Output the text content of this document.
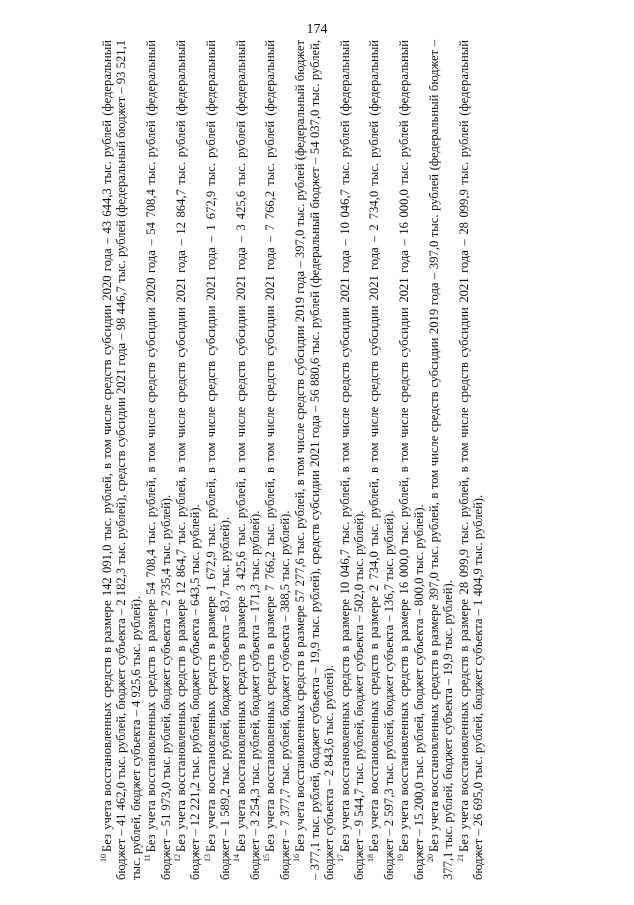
174

$^{10}$Без учета восстановленных средств в размере 142 091,0 тыс. рублей, в том числе средств субсидии 2020 года – 43 644,3 тыс. рублей (федеральный бюджет – 41 462,0 тыс. рублей, бюджет субъекта – 2 182,3 тыс. рублей), средств субсидии 2021 года – 98 446,7 тыс. рублей (федеральный бюджет – 93 521,1 тыс. рублей, бюджет субъекта – 4 925,6 тыс. рублей). $^{11}$Без учета восстановленных средств в размере 54 708,4 тыс. рублей, в том числе средств субсидии 2020 года – 54 708,4 тыс. рублей (федеральный бюджет – 51 973,0 тыс. рублей, бюджет субъекта – 2 735,4 тыс. рублей). $^{12}$Без учета восстановленных средств в размере 12 864,7 тыс. рублей, в том числе средств субсидии 2021 года – 12 864,7 тыс. рублей (федеральный бюджет – 12 221,2 тыс. рублей, бюджет субъекта – 643,5 тыс. рублей). $^{13}$Без учета восстановленных средств в размере 1 672,9 тыс. рублей, в том числе средств субсидии 2021 года – 1 672,9 тыс. рублей (федеральный бюджет – 1 589,2 тыс. рублей, бюджет субъекта – 83,7 тыс. рублей). $^{14}$Без учета восстановленных средств в размере 3 425,6 тыс. рублей, в том числе средств субсидии 2021 года – 3 425,6 тыс. рублей (федеральный бюджет – 3 254,3 тыс. рублей, бюджет субъекта – 171,3 тыс. рублей). $^{15}$Без учета восстановленных средств в размере 7 766,2 тыс. рублей, в том числе средств субсидии 2021 года – 7 766,2 тыс. рублей (федеральный бюджет – 7 377,7 тыс. рублей, бюджет субъекта – 388,5 тыс. рублей). $^{16}$Без учета восстановленных средств в размере 57 277,6 тыс. рублей, в том числе средств субсидии 2019 года – 397,0 тыс. рублей (федеральный бюджет – 377,1 тыс. рублей, бюджет субъекта – 19,9 тыс. рублей), средств субсидии 2021 года – 56 880,6 тыс. рублей (федеральный бюджет – 54 037,0 тыс. рублей, бюджет субъекта – 2 843,6 тыс. рублей). $^{17}$Без учета восстановленных средств в размере 10 046,7 тыс. рублей, в том числе средств субсидии 2021 года – 10 046,7 тыс. рублей (федеральный бюджет – 9 544,7 тыс. рублей, бюджет субъекта – 502,0 тыс. рублей). $^{18}$Без учета восстановленных средств в размере 2 734,0 тыс. рублей, в том числе средств субсидии 2021 года – 2 734,0 тыс. рублей (федеральный бюджет – 2 597,3 тыс. рублей, бюджет субъекта – 136,7 тыс. рублей). $^{19}$Без учета восстановленных средств в размере 16 000,0 тыс. рублей, в том числе средств субсидии 2021 года – 16 000,0 тыс. рублей (федеральный бюджет – 15 200,0 тыс. рублей, бюджет субъекта – 800,0 тыс. рублей). $^{20}$Без учета восстановленных средств в размере 397,0 тыс. рублей, в том числе средств субсидии 2019 года – 397,0 тыс. рублей (федеральный бюджет – 377,1 тыс. рублей, бюджет субъекта – 19,9 тыс. рублей). $^{21}$Без учета восстановленных средств в размере 28 099,9 тыс. рублей, в том числе средств субсидии 2021 года – 28 099,9 тыс. рублей (федеральный бюджет – 26 695,0 тыс. рублей, бюджет субъекта – 1 404,9 тыс. рублей).
